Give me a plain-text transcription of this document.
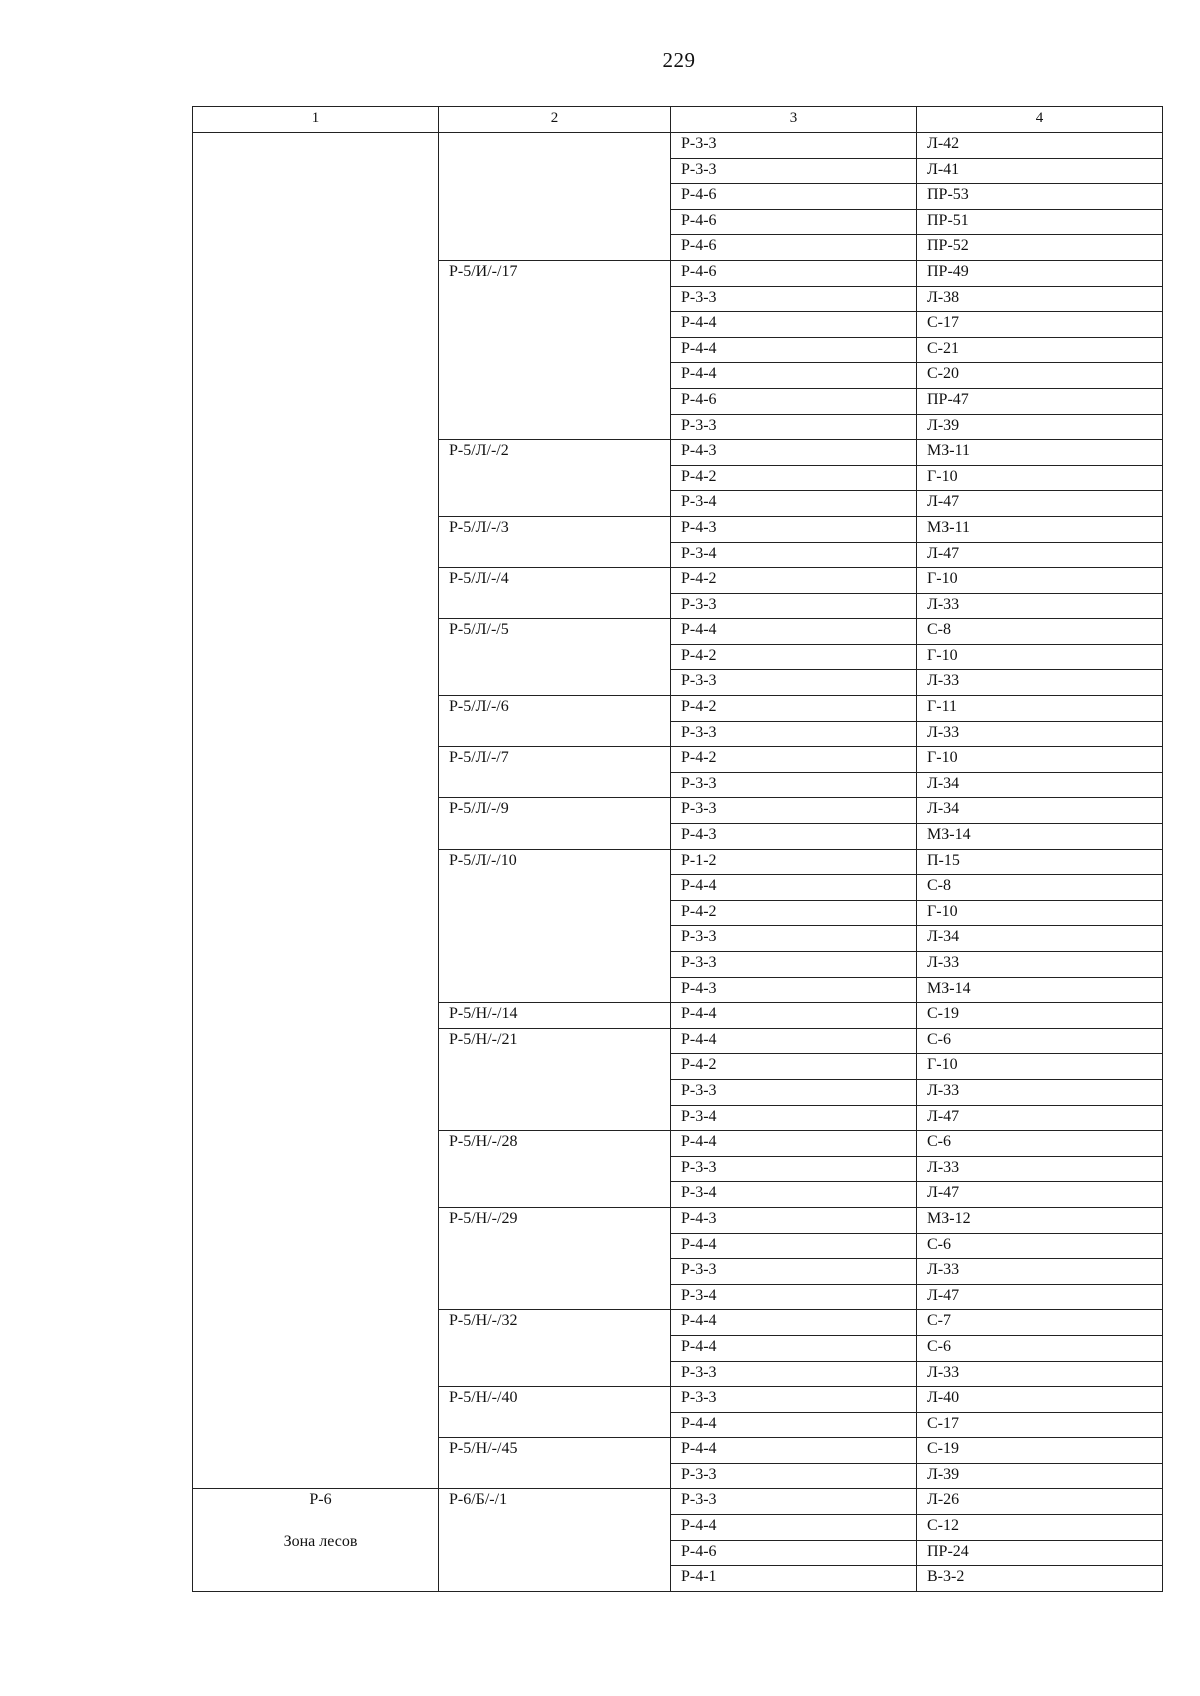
229
1	2	3	4
		Р-3-3	Л-42
		Р-3-3	Л-41
		Р-4-6	ПР-53
		Р-4-6	ПР-51
		Р-4-6	ПР-52
	Р-5/И/-/17	Р-4-6	ПР-49
		Р-3-3	Л-38
		Р-4-4	С-17
		Р-4-4	С-21
		Р-4-4	С-20
		Р-4-6	ПР-47
		Р-3-3	Л-39
	Р-5/Л/-/2	Р-4-3	МЗ-11
		Р-4-2	Г-10
		Р-3-4	Л-47
	Р-5/Л/-/3	Р-4-3	МЗ-11
		Р-3-4	Л-47
	Р-5/Л/-/4	Р-4-2	Г-10
		Р-3-3	Л-33
	Р-5/Л/-/5	Р-4-4	С-8
		Р-4-2	Г-10
		Р-3-3	Л-33
	Р-5/Л/-/6	Р-4-2	Г-11
		Р-3-3	Л-33
	Р-5/Л/-/7	Р-4-2	Г-10
		Р-3-3	Л-34
	Р-5/Л/-/9	Р-3-3	Л-34
		Р-4-3	МЗ-14
	Р-5/Л/-/10	Р-1-2	П-15
		Р-4-4	С-8
		Р-4-2	Г-10
		Р-3-3	Л-34
		Р-3-3	Л-33
		Р-4-3	МЗ-14
	Р-5/Н/-/14	Р-4-4	С-19
	Р-5/Н/-/21	Р-4-4	С-6
		Р-4-2	Г-10
		Р-3-3	Л-33
		Р-3-4	Л-47
	Р-5/Н/-/28	Р-4-4	С-6
		Р-3-3	Л-33
		Р-3-4	Л-47
	Р-5/Н/-/29	Р-4-3	МЗ-12
		Р-4-4	С-6
		Р-3-3	Л-33
		Р-3-4	Л-47
	Р-5/Н/-/32	Р-4-4	С-7
		Р-4-4	С-6
		Р-3-3	Л-33
	Р-5/Н/-/40	Р-3-3	Л-40
		Р-4-4	С-17
	Р-5/Н/-/45	Р-4-4	С-19
		Р-3-3	Л-39

Р-6
Зона лесов	Р-6/Б/-/1	Р-3-3	Л-26
		Р-4-4	С-12
		Р-4-6	ПР-24
		Р-4-1	В-3-2
